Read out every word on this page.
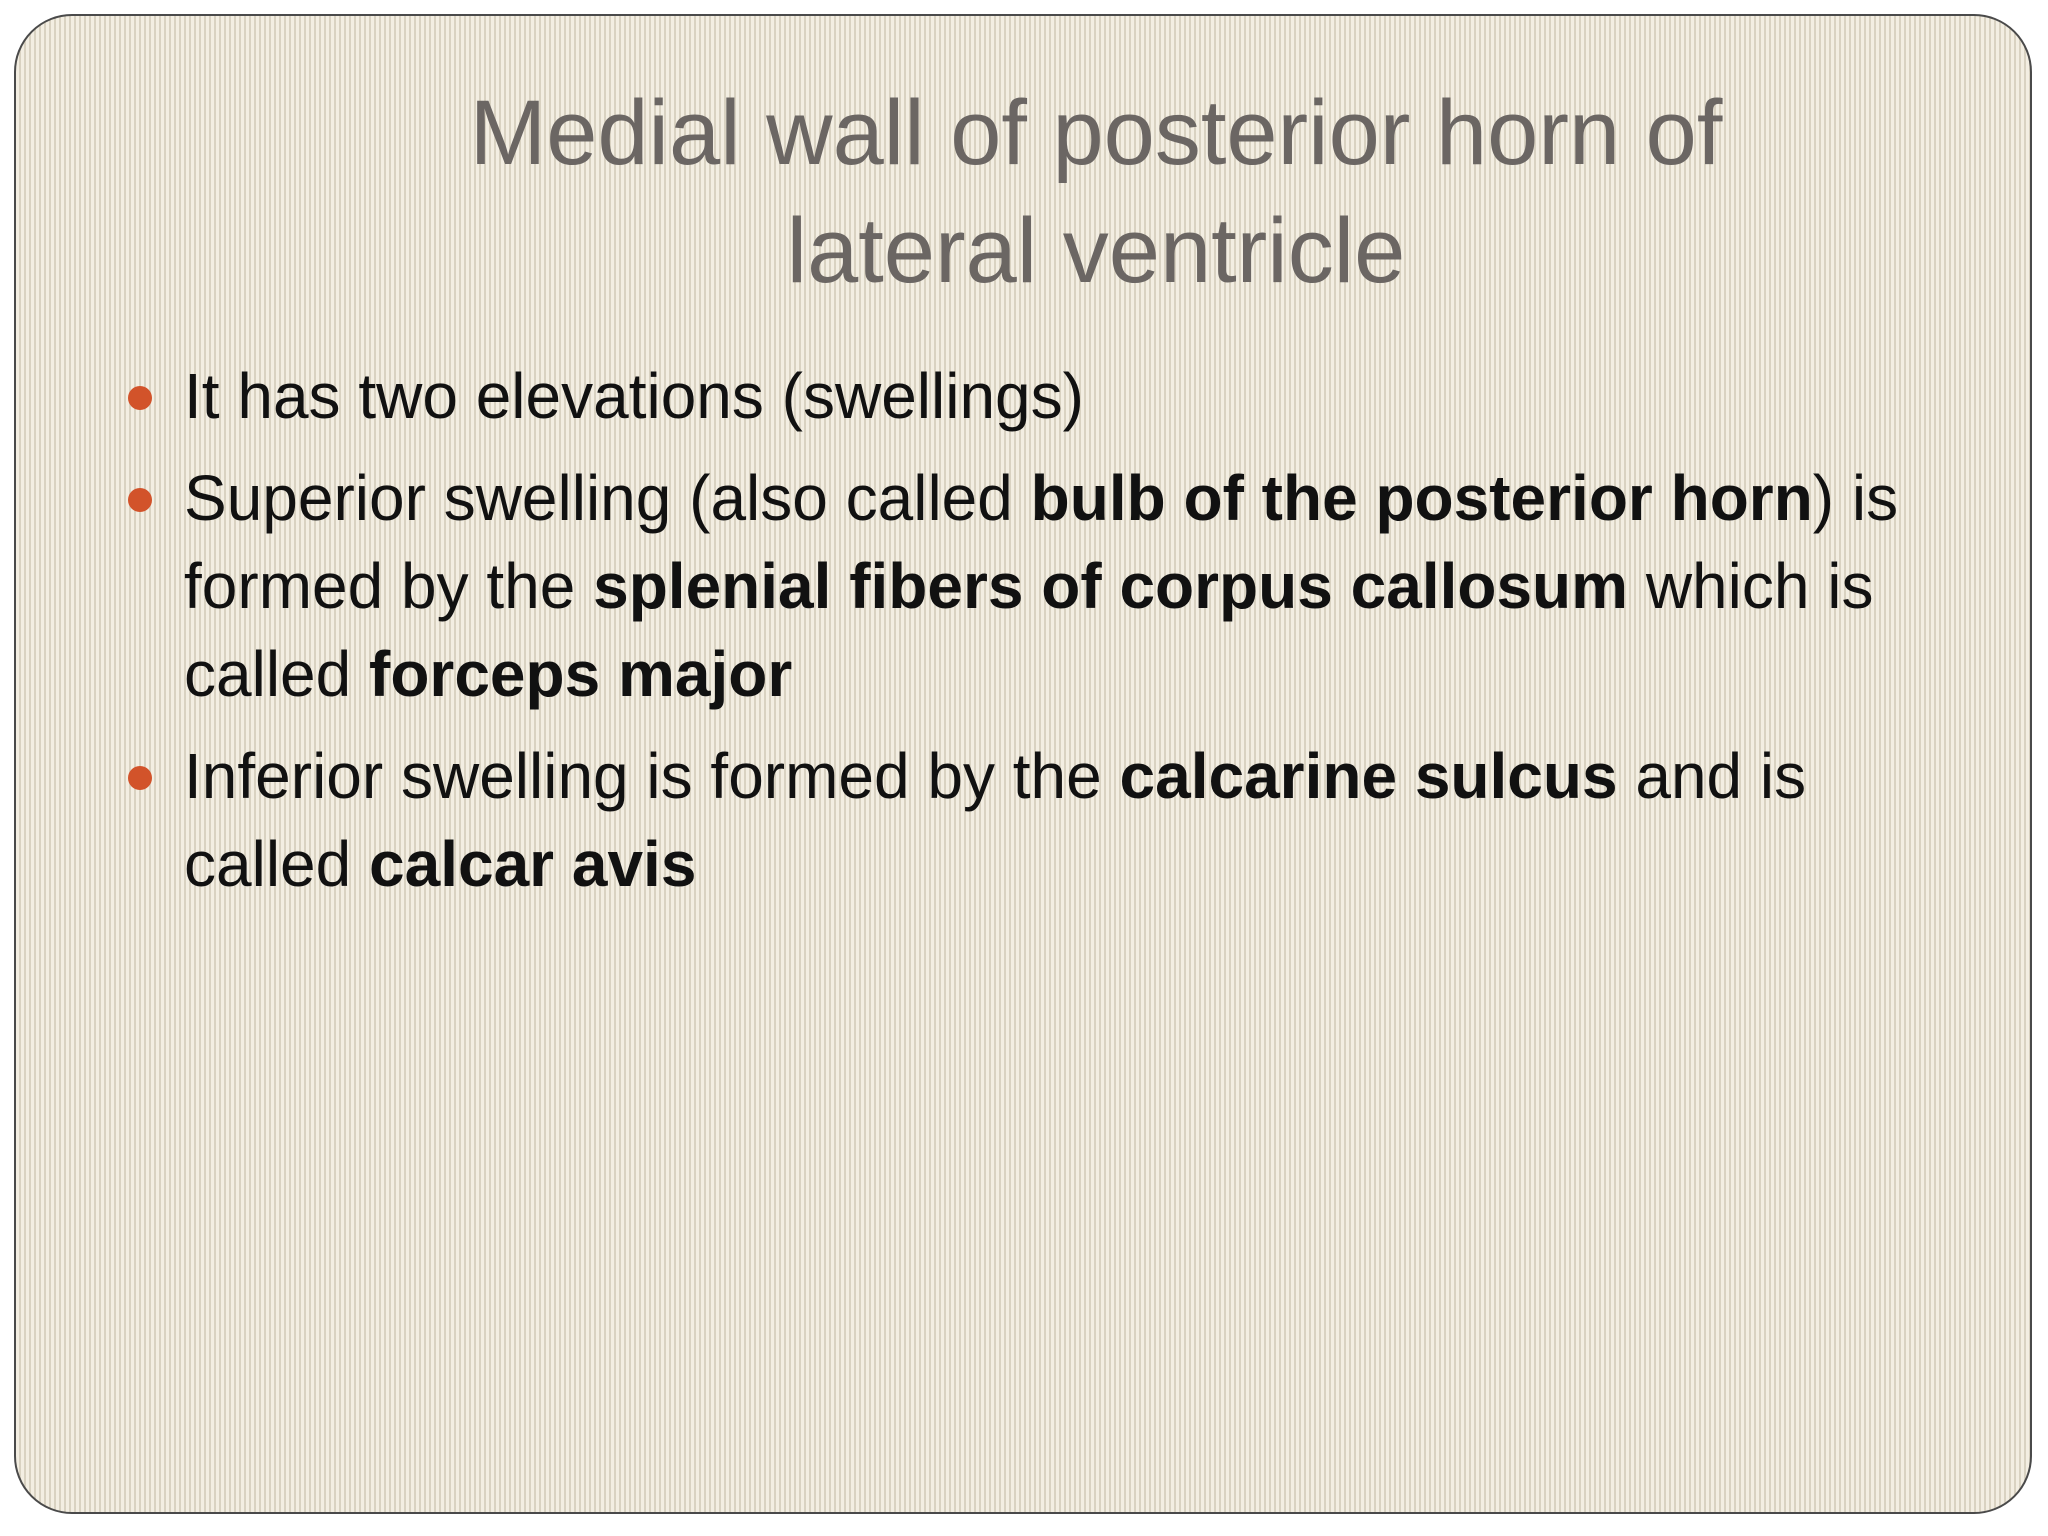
Medial wall of posterior horn of
lateral ventricle
It has two elevations (swellings)
Superior swelling (also called bulb of the posterior horn) is formed by the splenial fibers of corpus callosum which is called forceps major
Inferior swelling is formed by the calcarine sulcus and is called calcar avis
